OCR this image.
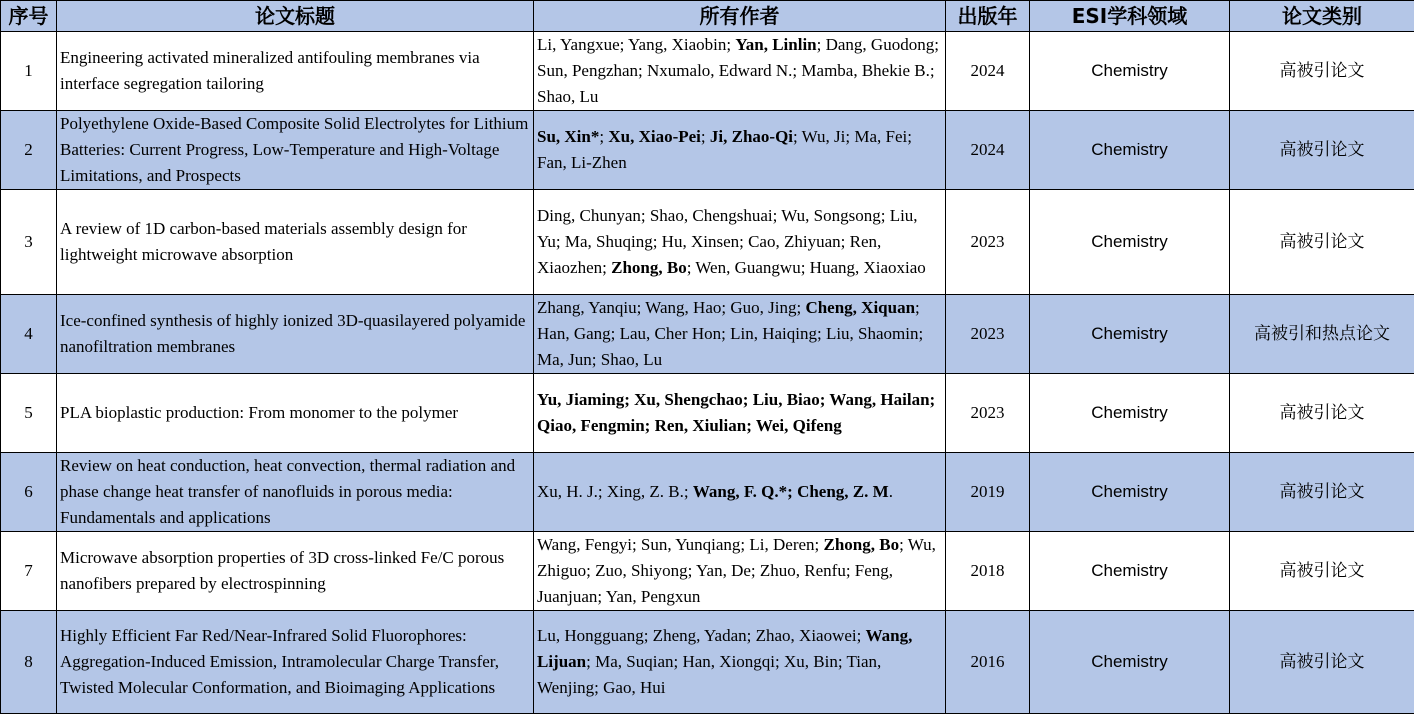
序号	论文标题	所有作者	出版年	ESI学科领域	论文类别
1	Engineering activated mineralized antifouling membranes via interface segregation tailoring	Li, Yangxue; Yang, Xiaobin; Yan, Linlin; Dang, Guodong; Sun, Pengzhan; Nxumalo, Edward N.; Mamba, Bhekie B.; Shao, Lu	2024	Chemistry	高被引论文
2	Polyethylene Oxide-Based Composite Solid Electrolytes for Lithium Batteries: Current Progress, Low-Temperature and High-Voltage Limitations, and Prospects	Su, Xin*; Xu, Xiao-Pei; Ji, Zhao-Qi; Wu, Ji; Ma, Fei; Fan, Li-Zhen	2024	Chemistry	高被引论文
3	A review of 1D carbon-based materials assembly design for lightweight microwave absorption	Ding, Chunyan; Shao, Chengshuai; Wu, Songsong; Liu, Yu; Ma, Shuqing; Hu, Xinsen; Cao, Zhiyuan; Ren, Xiaozhen; Zhong, Bo; Wen, Guangwu; Huang, Xiaoxiao	2023	Chemistry	高被引论文
4	Ice-confined synthesis of highly ionized 3D-quasilayered polyamide nanofiltration membranes	Zhang, Yanqiu; Wang, Hao; Guo, Jing; Cheng, Xiquan; Han, Gang; Lau, Cher Hon; Lin, Haiqing; Liu, Shaomin; Ma, Jun; Shao, Lu	2023	Chemistry	高被引和热点论文
5	PLA bioplastic production: From monomer to the polymer	Yu, Jiaming; Xu, Shengchao; Liu, Biao; Wang, Hailan; Qiao, Fengmin; Ren, Xiulian; Wei, Qifeng	2023	Chemistry	高被引论文
6	Review on heat conduction, heat convection, thermal radiation and phase change heat transfer of nanofluids in porous media: Fundamentals and applications	Xu, H. J.; Xing, Z. B.; Wang, F. Q.*; Cheng, Z. M.	2019	Chemistry	高被引论文
7	Microwave absorption properties of 3D cross-linked Fe/C porous nanofibers prepared by electrospinning	Wang, Fengyi; Sun, Yunqiang; Li, Deren; Zhong, Bo; Wu, Zhiguo; Zuo, Shiyong; Yan, De; Zhuo, Renfu; Feng, Juanjuan; Yan, Pengxun	2018	Chemistry	高被引论文
8	Highly Efficient Far Red/Near-Infrared Solid Fluorophores: Aggregation-Induced Emission, Intramolecular Charge Transfer, Twisted Molecular Conformation, and Bioimaging Applications	Lu, Hongguang; Zheng, Yadan; Zhao, Xiaowei; Wang, Lijuan; Ma, Suqian; Han, Xiongqi; Xu, Bin; Tian, Wenjing; Gao, Hui	2016	Chemistry	高被引论文
